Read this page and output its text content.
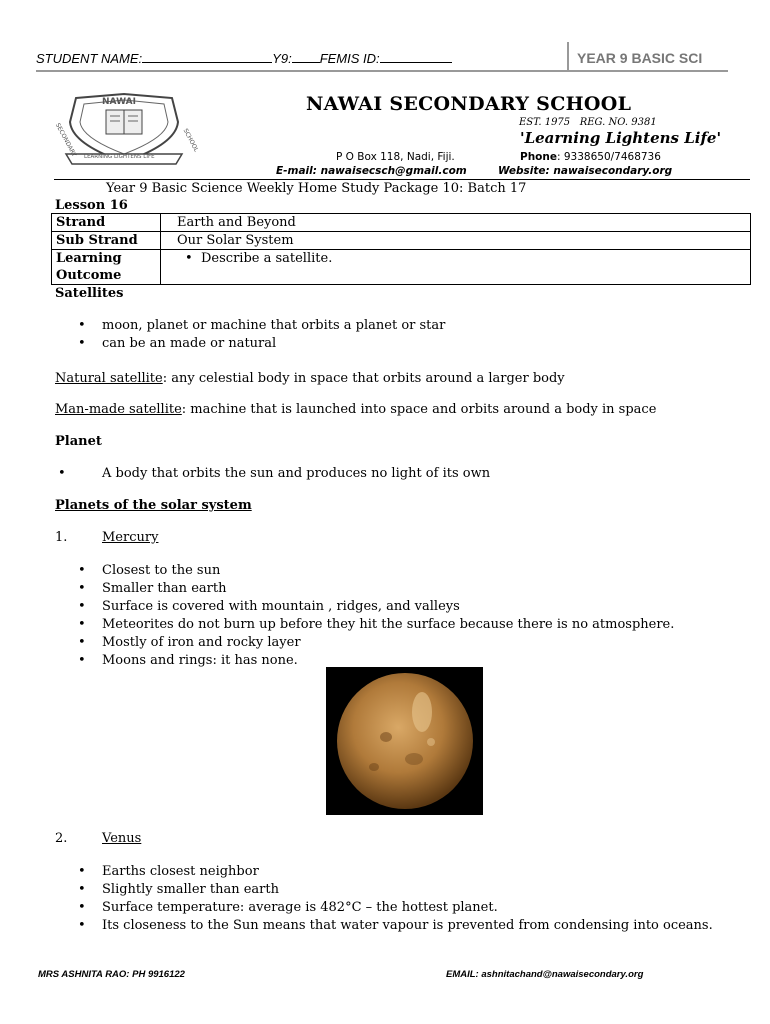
STUDENT NAME:	Y9: FEMIS ID:	YEAR 9 BASIC SCI
NAWAI
SECONDARY	SCHOOL
LEARNING LIGHTENS LIFE
NAWAI SECONDARY SCHOOL
EST. 1975 REG. NO. 9381
'Learning Lightens Life'
P O Box 118, Nadi, Fiji.	Phone: 9338650/7468736
E-mail: nawaisecsch@gmail.com	Website: nawaisecondary.org
Year 9 Basic Science Weekly Home Study Package 10: Batch 17
Lesson 16
Strand	Earth and Beyond
Sub Strand	Our Solar System
Learning Outcome	• Describe a satellite.
Satellites
• moon, planet or machine that orbits a planet or star
• can be an made or natural
Natural satellite: any celestial body in space that orbits around a larger body
Man-made satellite: machine that is launched into space and orbits around a body in space
Planet
•	A body that orbits the sun and produces no light of its own
Planets of the solar system
1.	Mercury
• Closest to the sun
• Smaller than earth
• Surface is covered with mountain , ridges, and valleys
• Meteorites do not burn up before they hit the surface because there is no atmosphere.
• Mostly of iron and rocky layer
• Moons and rings: it has none.
2.	Venus
• Earths closest neighbor
• Slightly smaller than earth
• Surface temperature: average is 482°C – the hottest planet.
• Its closeness to the Sun means that water vapour is prevented from condensing into oceans.
MRS ASHNITA RAO: PH 9916122	EMAIL: ashnitachand@nawaisecondary.org
